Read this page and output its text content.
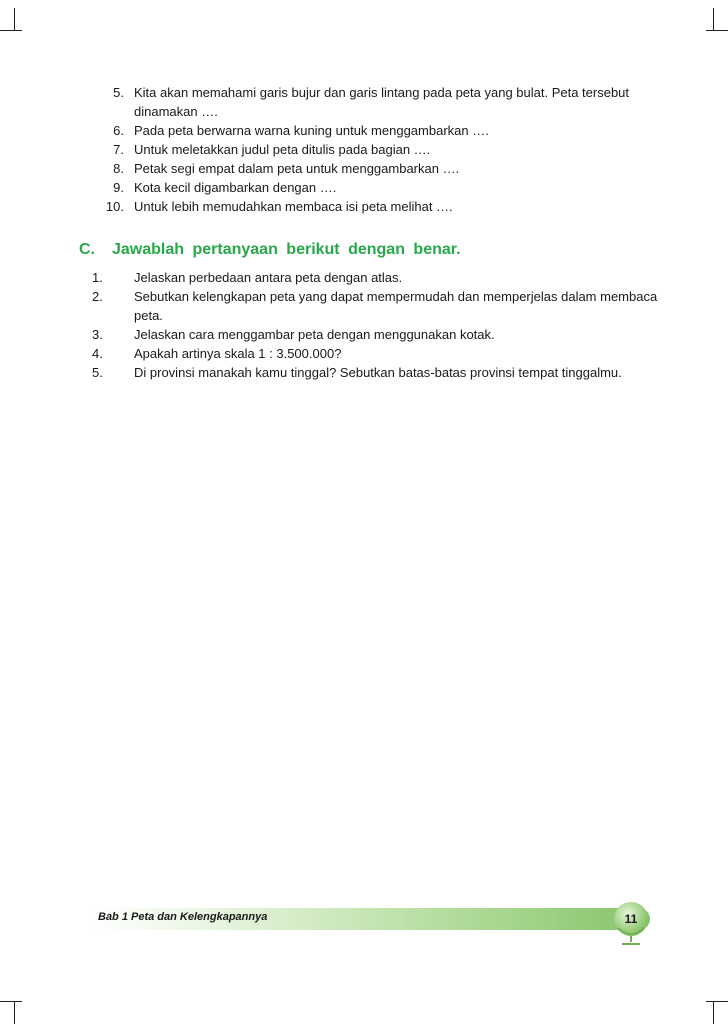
5. Kita akan memahami garis bujur dan garis lintang pada peta yang bulat. Peta tersebut dinamakan ….
6. Pada peta berwarna warna kuning untuk menggambarkan ….
7. Untuk meletakkan judul peta ditulis pada bagian ….
8. Petak segi empat dalam peta untuk menggambarkan ….
9. Kota kecil digambarkan dengan ….
10. Untuk lebih memudahkan membaca isi peta melihat ….
C. Jawablah pertanyaan berikut dengan benar.
1.	Jelaskan perbedaan antara peta dengan atlas.
2.	Sebutkan kelengkapan peta yang dapat mempermudah dan memperjelas dalam membaca peta.
3.	Jelaskan cara menggambar peta dengan menggunakan kotak.
4.	Apakah artinya skala 1 : 3.500.000?
5.	Di provinsi manakah kamu tinggal? Sebutkan batas-batas provinsi tempat tinggalmu.
Bab 1 Peta dan Kelengkapannya	11
